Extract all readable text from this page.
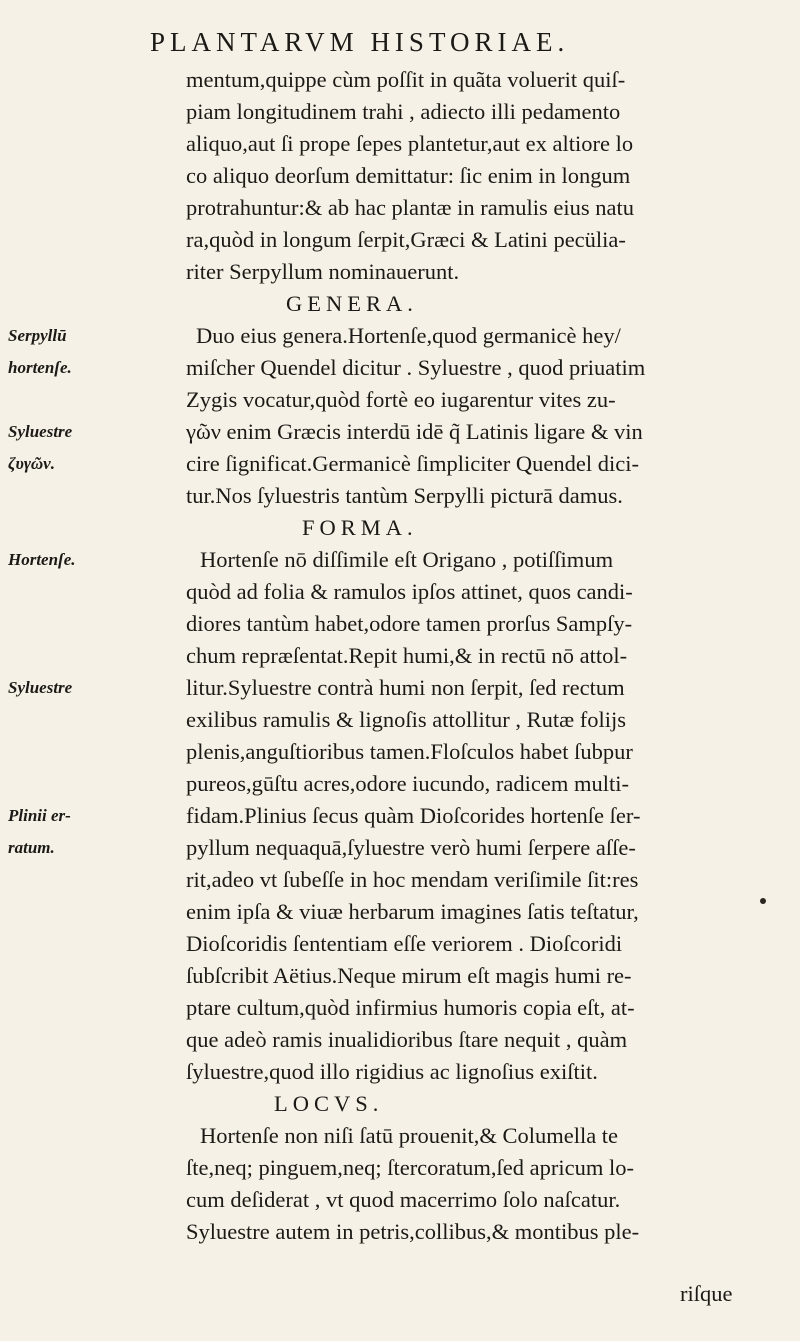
PLANTARVM HISTORIAE.
mentum,quippe cùm poſſit in quãta voluerit quiſ-
piam longitudinem trahi , adiecto illi pedamento
aliquo,aut ſi prope ſepes plantetur,aut ex altiore lo
co aliquo deorſum demittatur: ſic enim in longum
protrahuntur:& ab hac plantæ in ramulis eius natu
ra,quòd in longum ſerpit,Græci & Latini pecülia-
riter Serpyllum nominauerunt.
GENERA.
Duo eius genera.Hortenſe,quod germanicè hey/
miſcher Quendel dicitur . Syluestre , quod priuatim
Zygis vocatur,quòd fortè eo iugarentur vites zu-
γῶν enim Græcis interdū idē q̃ Latinis ligare & vin
cire ſignificat.Germanicè ſimpliciter Quendel dici-
tur.Nos ſyluestris tantùm Serpylli picturā damus.
FORMA.
Hortenſe nō diſſimile eſt Origano , potiſſimum
quòd ad folia & ramulos ipſos attinet, quos candi-
diores tantùm habet,odore tamen prorſus Sampſy-
chum repræſentat.Repit humi,& in rectū nō attol-
litur.Syluestre contrà humi non ſerpit, ſed rectum
exilibus ramulis & lignoſis attollitur , Rutæ folijs
plenis,anguſtioribus tamen.Floſculos habet ſubpur
pureos,gūſtu acres,odore iucundo, radicem multi-
fidam.Plinius ſecus quàm Dioſcorides hortenſe ſer-
pyllum nequaquā,ſyluestre verò humi ſerpere aſſe-
rit,adeo vt ſubeſſe in hoc mendam veriſimile ſit:res
enim ipſa & viuæ herbarum imagines ſatis teſtatur,
Dioſcoridis ſententiam eſſe veriorem . Dioſcoridi
ſubſcribit Aëtius.Neque mirum eſt magis humi re-
ptare cultum,quòd infirmius humoris copia eſt, at-
que adeò ramis inualidioribus ſtare nequit , quàm
ſyluestre,quod illo rigidius ac lignoſius exiſtit.
LOCVS.
Hortenſe non niſi ſatū prouenit,& Columella te
ſte,neq; pinguem,neq; ſtercoratum,ſed apricum lo-
cum deſiderat , vt quod macerrimo ſolo naſcatur.
Syluestre autem in petris,collibus,& montibus ple-
Serpyllū
hortenſe.
Syluestre
ζυγῶν.
Hortenſe.
Syluestre
Plinii er-
ratum.
riſque
